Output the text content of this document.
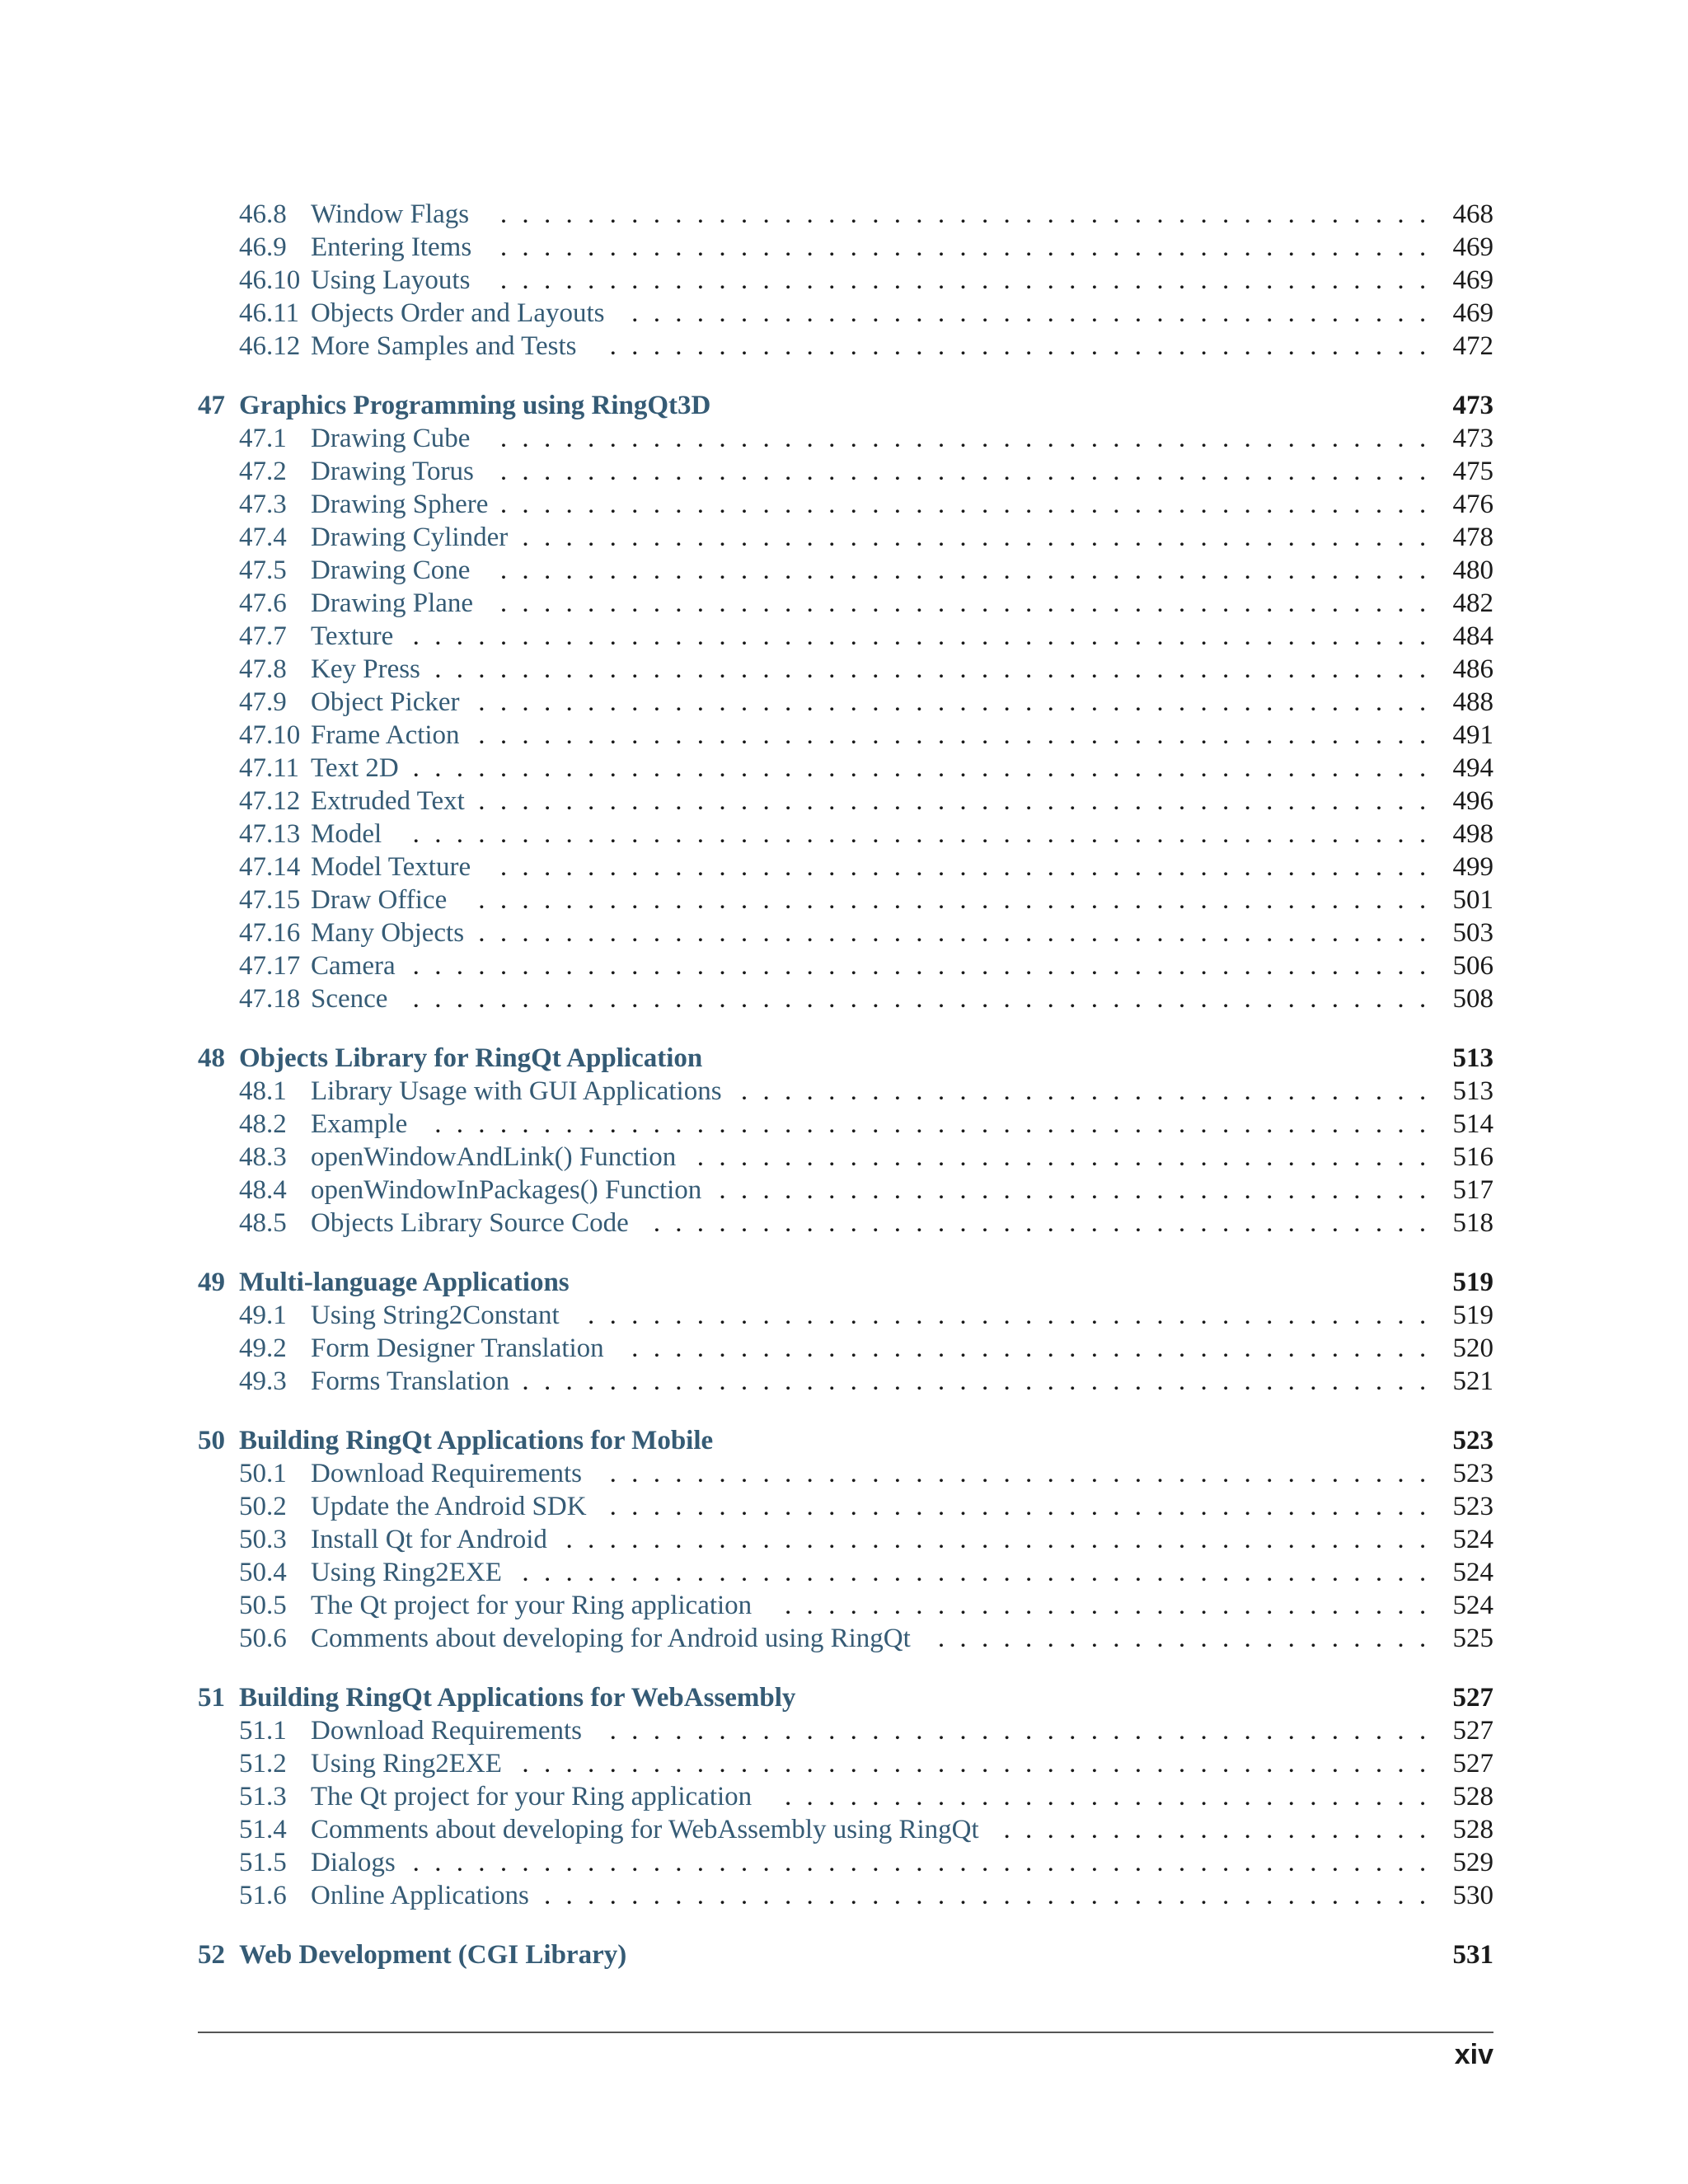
46.8 Window Flags	........................................... 468
46.9 Entering Items	........................................... 469
46.10 Using Layouts	........................................... 469
46.11 Objects Order and Layouts ..................................... 469
46.12 More Samples and Tests	...................................... 472
47 Graphics Programming using RingQt3D	473
47.1 Drawing Cube	........................................... 473
47.2 Drawing Torus ........................................... 475
47.3 Drawing Sphere ........................................... 476
47.4 Drawing Cylinder .......................................... 478
47.5 Drawing Cone	........................................... 480
47.6 Drawing Plane ........................................... 482
47.7 Texture ............................................... 484
47.8 Key Press .............................................. 486
47.9 Object Picker ............................................ 488
47.10 Frame Action ............................................ 491
47.11 Text 2D ............................................... 494
47.12 Extruded Text ............................................ 496
47.13 Model	............................................... 498
47.14 Model Texture	........................................... 499
47.15 Draw Office	............................................ 501
47.16 Many Objects ............................................ 503
47.17 Camera ............................................... 506
47.18 Scence ............................................... 508
48 Objects Library for RingQt Application	513
48.1 Library Usage with GUI Applications ................................ 513
48.2 Example .............................................. 514
48.3 openWindowAndLink() Function .................................. 516
48.4 openWindowInPackages() Function ................................. 517
48.5 Objects Library Source Code .................................... 518
49 Multi-language Applications	519
49.1 Using String2Constant	....................................... 519
49.2 Form Designer Translation	..................................... 520
49.3 Forms Translation .......................................... 521
50 Building RingQt Applications for Mobile	523
50.1 Download Requirements	...................................... 523
50.2 Update the Android SDK ...................................... 523
50.3 Install Qt for Android ........................................ 524
50.4 Using Ring2EXE .......................................... 524
50.5 The Qt project for your Ring application	.............................. 524
50.6 Comments about developing for Android using RingQt	....................... 525
51 Building RingQt Applications for WebAssembly	527
51.1 Download Requirements	...................................... 527
51.2 Using Ring2EXE .......................................... 527
51.3 The Qt project for your Ring application	.............................. 528
51.4 Comments about developing for WebAssembly using RingQt .................... 528
51.5 Dialogs ............................................... 529
51.6 Online Applications ......................................... 530
52 Web Development (CGI Library)	531
xiv
